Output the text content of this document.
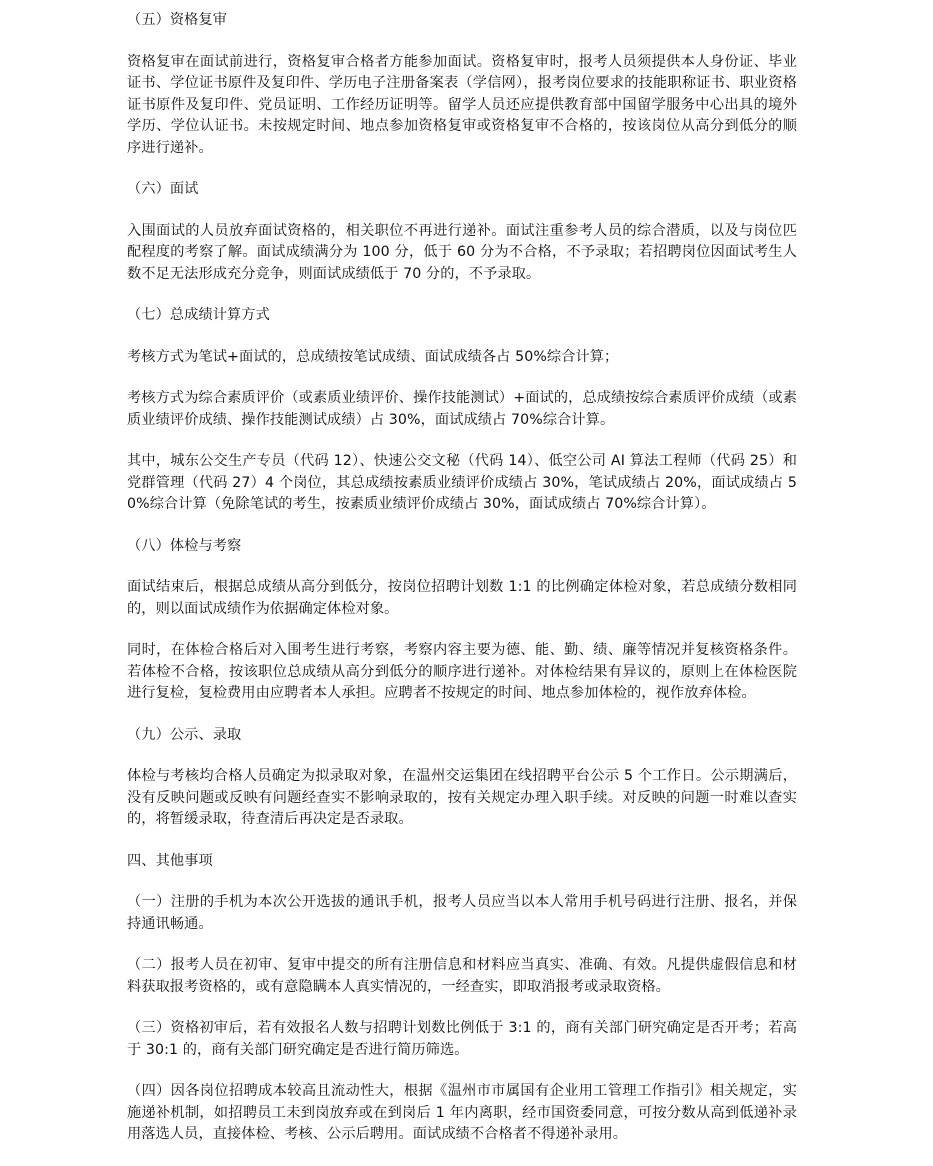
（五）资格复审
资格复审在面试前进行，资格复审合格者方能参加面试。资格复审时，报考人员须提供本人身份证、毕业证书、学位证书原件及复印件、学历电子注册备案表（学信网），报考岗位要求的技能职称证书、职业资格证书原件及复印件、党员证明、工作经历证明等。留学人员还应提供教育部中国留学服务中心出具的境外学历、学位认证书。未按规定时间、地点参加资格复审或资格复审不合格的，按该岗位从高分到低分的顺序进行递补。
（六）面试
入围面试的人员放弃面试资格的，相关职位不再进行递补。面试注重参考人员的综合潜质，以及与岗位匹配程度的考察了解。面试成绩满分为 100 分，低于 60 分为不合格，不予录取；若招聘岗位因面试考生人数不足无法形成充分竞争，则面试成绩低于 70 分的，不予录取。
（七）总成绩计算方式
考核方式为笔试+面试的，总成绩按笔试成绩、面试成绩各占 50%综合计算；
考核方式为综合素质评价（或素质业绩评价、操作技能测试）+面试的，总成绩按综合素质评价成绩（或素质业绩评价成绩、操作技能测试成绩）占 30%，面试成绩占 70%综合计算。
其中，城东公交生产专员（代码 12）、快速公交文秘（代码 14）、低空公司 AI 算法工程师（代码 25）和党群管理（代码 27）4 个岗位，其总成绩按素质业绩评价成绩占 30%，笔试成绩占 20%，面试成绩占 50%综合计算（免除笔试的考生，按素质业绩评价成绩占 30%，面试成绩占 70%综合计算）。
（八）体检与考察
面试结束后，根据总成绩从高分到低分，按岗位招聘计划数 1:1 的比例确定体检对象，若总成绩分数相同的，则以面试成绩作为依据确定体检对象。
同时，在体检合格后对入围考生进行考察，考察内容主要为德、能、勤、绩、廉等情况并复核资格条件。若体检不合格，按该职位总成绩从高分到低分的顺序进行递补。对体检结果有异议的，原则上在体检医院进行复检，复检费用由应聘者本人承担。应聘者不按规定的时间、地点参加体检的，视作放弃体检。
（九）公示、录取
体检与考核均合格人员确定为拟录取对象，在温州交运集团在线招聘平台公示 5 个工作日。公示期满后，没有反映问题或反映有问题经查实不影响录取的，按有关规定办理入职手续。对反映的问题一时难以查实的，将暂缓录取，待查清后再决定是否录取。
四、其他事项
（一）注册的手机为本次公开选拔的通讯手机，报考人员应当以本人常用手机号码进行注册、报名，并保持通讯畅通。
（二）报考人员在初审、复审中提交的所有注册信息和材料应当真实、准确、有效。凡提供虚假信息和材料获取报考资格的，或有意隐瞒本人真实情况的，一经查实，即取消报考或录取资格。
（三）资格初审后，若有效报名人数与招聘计划数比例低于 3:1 的，商有关部门研究确定是否开考；若高于 30:1 的，商有关部门研究确定是否进行简历筛选。
（四）因各岗位招聘成本较高且流动性大，根据《温州市市属国有企业用工管理工作指引》相关规定，实施递补机制，如招聘员工未到岗放弃或在到岗后 1 年内离职，经市国资委同意，可按分数从高到低递补录用落选人员，直接体检、考核、公示后聘用。面试成绩不合格者不得递补录用。
